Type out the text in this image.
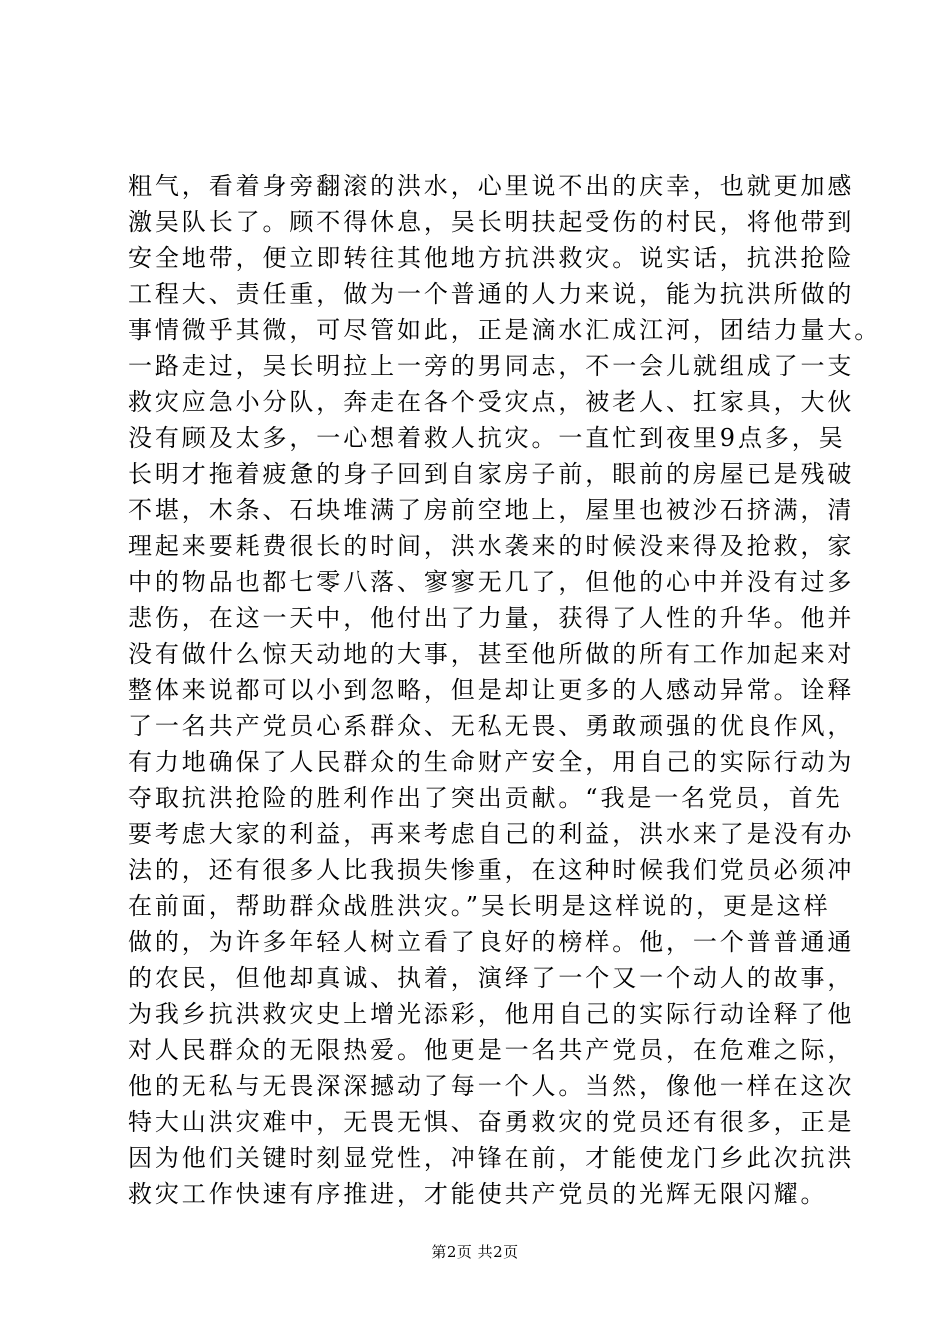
粗气，看着身旁翻滚的洪水，心里说不出的庆幸，也就更加感
激吴队长了。顾不得休息，吴长明扶起受伤的村民，将他带到
安全地带，便立即转往其他地方抗洪救灾。说实话，抗洪抢险
工程大、责任重，做为一个普通的人力来说，能为抗洪所做的
事情微乎其微，可尽管如此，正是滴水汇成江河，团结力量大。
一路走过，吴长明拉上一旁的男同志，不一会儿就组成了一支
救灾应急小分队，奔走在各个受灾点，被老人、扛家具，大伙
没有顾及太多，一心想着救人抗灾。一直忙到夜里9点多，吴
长明才拖着疲惫的身子回到自家房子前，眼前的房屋已是残破
不堪，木条、石块堆满了房前空地上，屋里也被沙石挤满，清
理起来要耗费很长的时间，洪水袭来的时候没来得及抢救，家
中的物品也都七零八落、寥寥无几了，但他的心中并没有过多
悲伤，在这一天中，他付出了力量，获得了人性的升华。他并
没有做什么惊天动地的大事，甚至他所做的所有工作加起来对
整体来说都可以小到忽略，但是却让更多的人感动异常。诠释
了一名共产党员心系群众、无私无畏、勇敢顽强的优良作风，
有力地确保了人民群众的生命财产安全，用自己的实际行动为
夺取抗洪抢险的胜利作出了突出贡献。“我是一名党员，首先
要考虑大家的利益，再来考虑自己的利益，洪水来了是没有办
法的，还有很多人比我损失惨重，在这种时候我们党员必须冲
在前面，帮助群众战胜洪灾。”吴长明是这样说的，更是这样
做的，为许多年轻人树立看了良好的榜样。他，一个普普通通
的农民，但他却真诚、执着，演绎了一个又一个动人的故事，
为我乡抗洪救灾史上增光添彩，他用自己的实际行动诠释了他
对人民群众的无限热爱。他更是一名共产党员，在危难之际，
他的无私与无畏深深撼动了每一个人。当然，像他一样在这次
特大山洪灾难中，无畏无惧、奋勇救灾的党员还有很多，正是
因为他们关键时刻显党性，冲锋在前，才能使龙门乡此次抗洪
救灾工作快速有序推进，才能使共产党员的光辉无限闪耀。
第2页 共2页
